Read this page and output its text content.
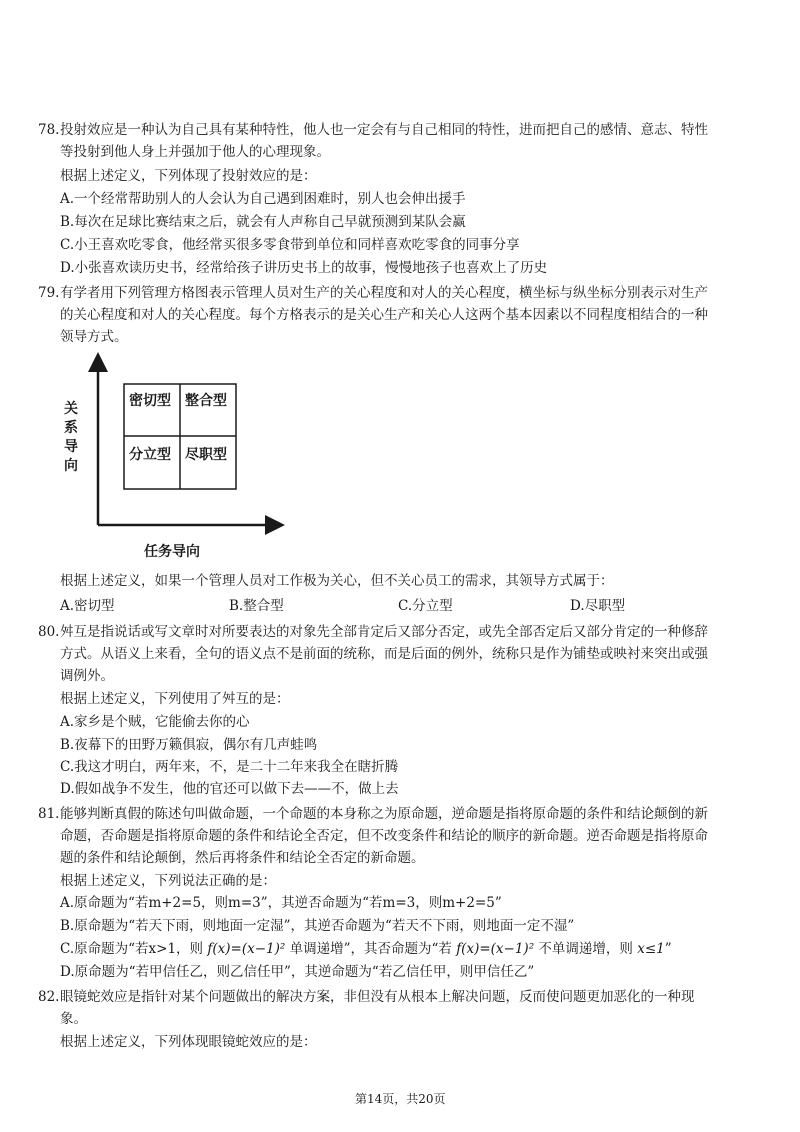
78. 投射效应是一种认为自己具有某种特性，他人也一定会有与自己相同的特性，进而把自己的感情、意志、特性
等投射到他人身上并强加于他人的心理现象。
根据上述定义，下列体现了投射效应的是：
A.一个经常帮助别人的人会认为自己遇到困难时，别人也会伸出援手
B.每次在足球比赛结束之后，就会有人声称自己早就预测到某队会赢
C.小王喜欢吃零食，他经常买很多零食带到单位和同样喜欢吃零食的同事分享
D.小张喜欢读历史书，经常给孩子讲历史书上的故事，慢慢地孩子也喜欢上了历史
79. 有学者用下列管理方格图表示管理人员对生产的关心程度和对人的关心程度，横坐标与纵坐标分别表示对生产
的关心程度和对人的关心程度。每个方格表示的是关心生产和关心人这两个基本因素以不同程度相结合的一种
领导方式。
密切型 整合型
分立型 尽职型
关
系
导
向
任务导向
根据上述定义，如果一个管理人员对工作极为关心，但不关心员工的需求，其领导方式属于：
A.密切型	B.整合型	C.分立型	D.尽职型
80. 舛互是指说话或写文章时对所要表达的对象先全部肯定后又部分否定，或先全部否定后又部分肯定的一种修辞
方式。从语义上来看，全句的语义点不是前面的统称，而是后面的例外，统称只是作为铺垫或映衬来突出或强
调例外。
根据上述定义，下列使用了舛互的是：
A.家乡是个贼，它能偷去你的心
B.夜幕下的田野万籁俱寂，偶尔有几声蛙鸣
C.我这才明白，两年来，不，是二十二年来我全在瞎折腾
D.假如战争不发生，他的官还可以做下去——不，做上去
81. 能够判断真假的陈述句叫做命题，一个命题的本身称之为原命题，逆命题是指将原命题的条件和结论颠倒的新
命题，否命题是指将原命题的条件和结论全否定，但不改变条件和结论的顺序的新命题。逆否命题是指将原命
题的条件和结论颠倒，然后再将条件和结论全否定的新命题。
根据上述定义，下列说法正确的是：
A.原命题为“若m+2=5，则m=3”，其逆否命题为“若m=3，则m+2=5”
B.原命题为“若天下雨，则地面一定湿”，其逆否命题为“若天不下雨，则地面一定不湿”
C.原命题为“若x>1，则 f(x)=(x−1)² 单调递增”，其否命题为“若 f(x)=(x−1)² 不单调递增，则 x≤1”
D.原命题为“若甲信任乙，则乙信任甲”，其逆命题为“若乙信任甲，则甲信任乙”
82. 眼镜蛇效应是指针对某个问题做出的解决方案，非但没有从根本上解决问题，反而使问题更加恶化的一种现
象。
根据上述定义，下列体现眼镜蛇效应的是：
第14页，共20页
